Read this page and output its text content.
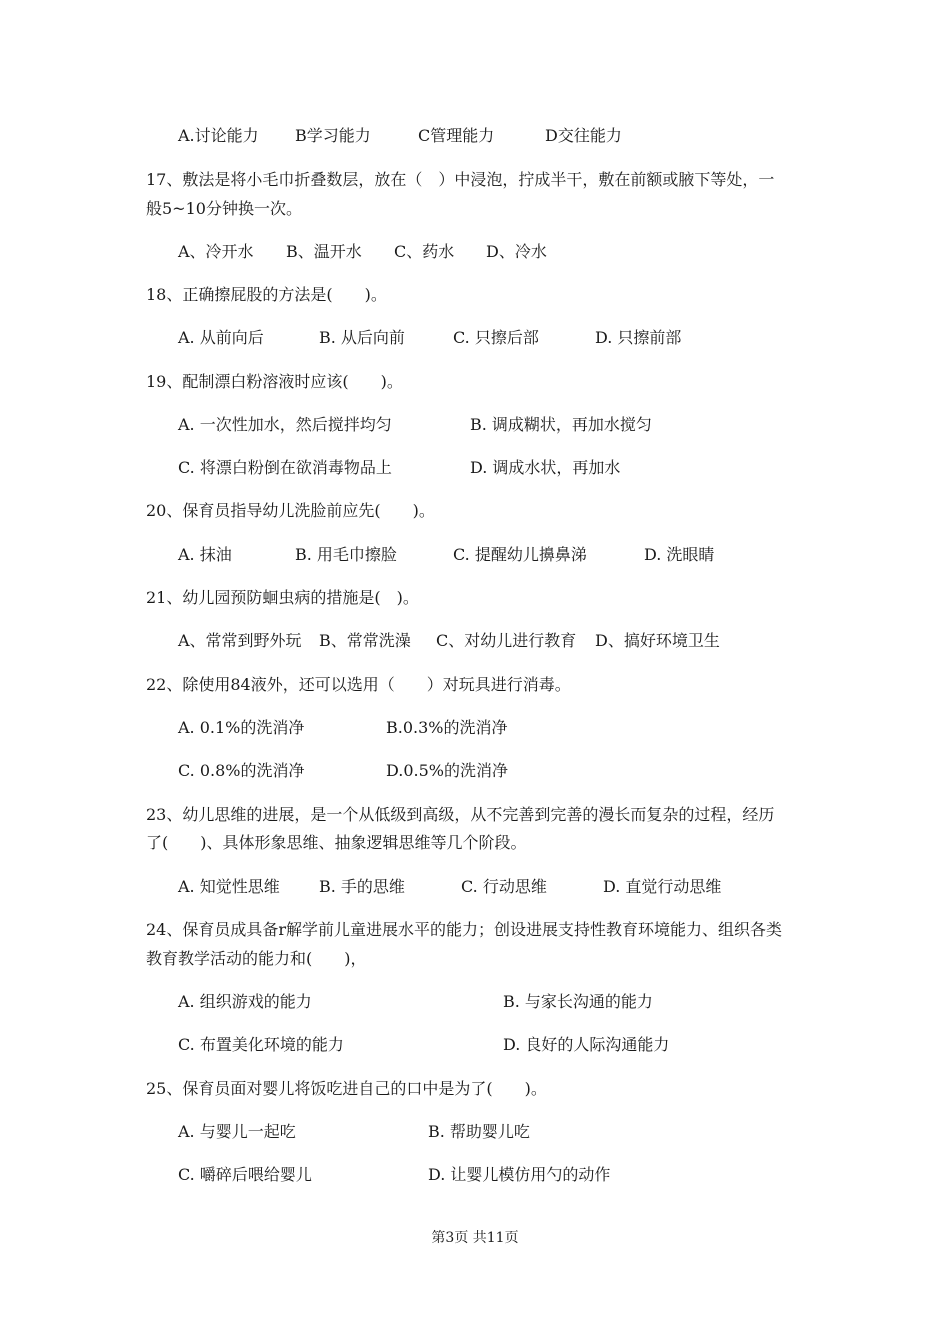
A.讨论能力 B学习能力	C管理能力	D交往能力
17、敷法是将小毛巾折叠数层，放在（　）中浸泡，拧成半干，敷在前额或腋下等处，一
般5~10分钟换一次。
A、冷开水 B、温开水 C、药水 D、冷水
18、正确擦屁股的方法是(　　)。
A. 从前向后	B. 从后向前	C. 只擦后部	D. 只擦前部
19、配制漂白粉溶液时应该(　　)。
A. 一次性加水，然后搅拌均匀	B. 调成糊状，再加水搅匀
C. 将漂白粉倒在欲消毒物品上	D. 调成水状，再加水
20、保育员指导幼儿洗脸前应先(　　)。
A. 抹油	B. 用毛巾擦脸	C. 提醒幼儿擤鼻涕	D. 洗眼睛
21、幼儿园预防蛔虫病的措施是(　)。
A、常常到野外玩 B、常常洗澡 C、对幼儿进行教育 D、搞好环境卫生
22、除使用84液外，还可以选用（　　）对玩具进行消毒。
A. 0.1%的洗消净	B.0.3%的洗消净
C. 0.8%的洗消净	D.0.5%的洗消净
23、幼儿思维的进展，是一个从低级到高级，从不完善到完善的漫长而复杂的过程，经历
了(　　)、具体形象思维、抽象逻辑思维等几个阶段。
A. 知觉性思维 B. 手的思维	C. 行动思维	D. 直觉行动思维
24、保育员成具备r解学前儿童进展水平的能力；创设进展支持性教育环境能力、组织各类
教育教学活动的能力和(　　)，
A. 组织游戏的能力	B. 与家长沟通的能力
C. 布置美化环境的能力	D. 良好的人际沟通能力
25、保育员面对婴儿将饭吃进自己的口中是为了(　　)。
A. 与婴儿一起吃	B. 帮助婴儿吃
C. 嚼碎后喂给婴儿	D. 让婴儿模仿用勺的动作
第3页 共11页
